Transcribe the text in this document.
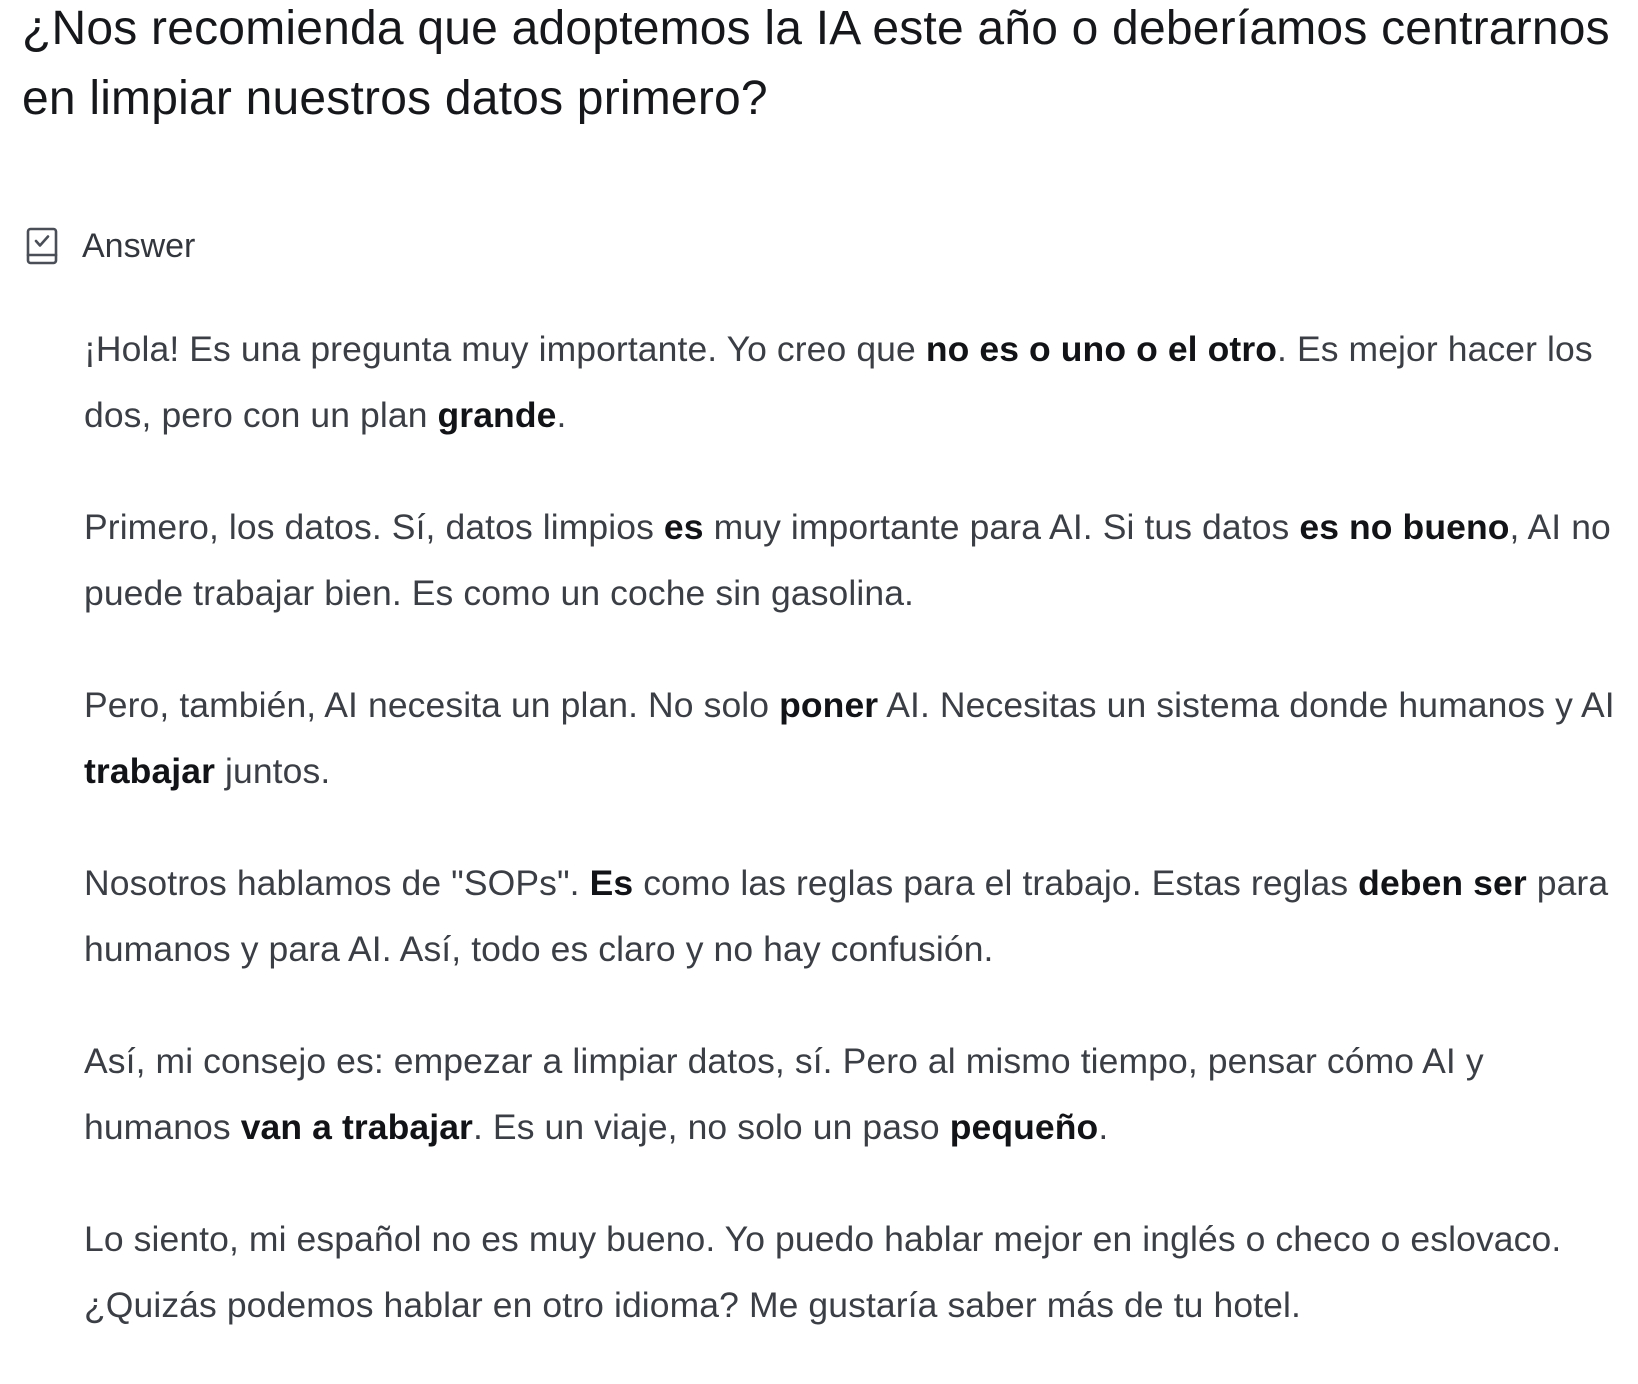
¿Nos recomienda que adoptemos la IA este año o deberíamos centrarnos en limpiar nuestros datos primero?
Answer

¡Hola! Es una pregunta muy importante. Yo creo que no es o uno o el otro. Es mejor hacer los dos, pero con un plan grande.

Primero, los datos. Sí, datos limpios es muy importante para AI. Si tus datos es no bueno, AI no puede trabajar bien. Es como un coche sin gasolina.

Pero, también, AI necesita un plan. No solo poner AI. Necesitas un sistema donde humanos y AI trabajar juntos.

Nosotros hablamos de "SOPs". Es como las reglas para el trabajo. Estas reglas deben ser para humanos y para AI. Así, todo es claro y no hay confusión.

Así, mi consejo es: empezar a limpiar datos, sí. Pero al mismo tiempo, pensar cómo AI y humanos van a trabajar. Es un viaje, no solo un paso pequeño.

Lo siento, mi español no es muy bueno. Yo puedo hablar mejor en inglés o checo o eslovaco. ¿Quizás podemos hablar en otro idioma? Me gustaría saber más de tu hotel.
